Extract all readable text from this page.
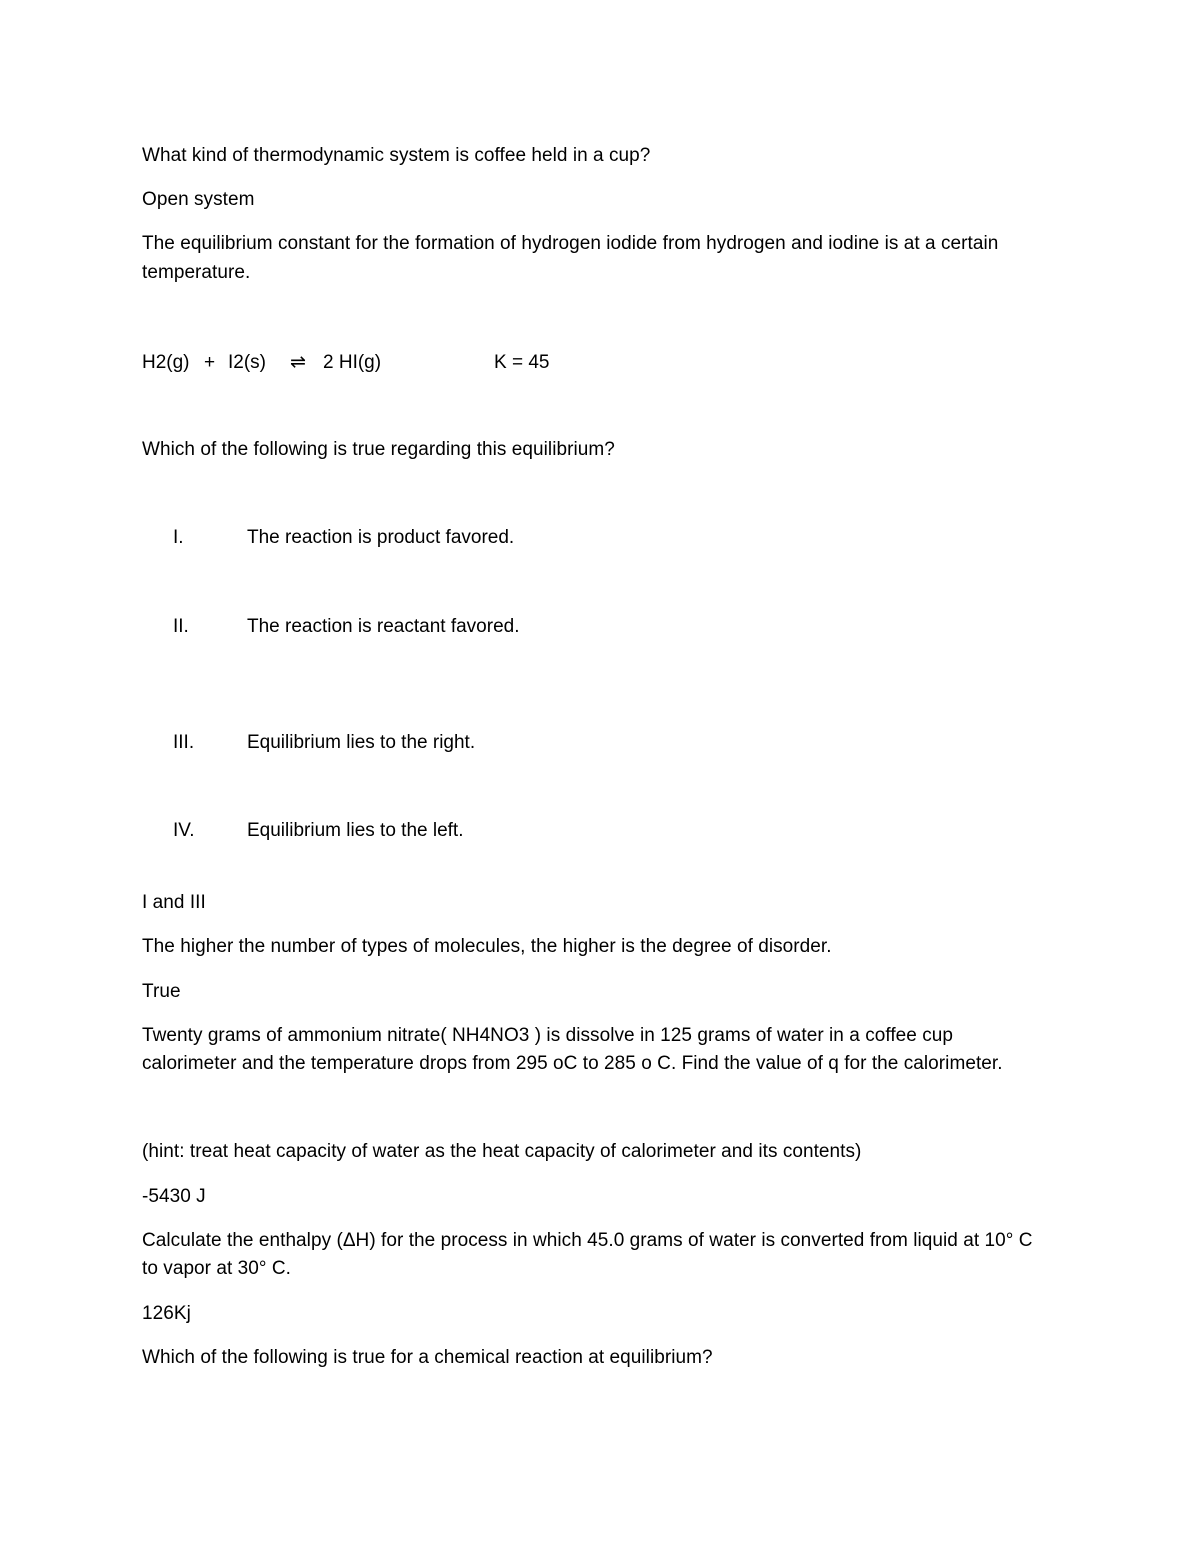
What kind of thermodynamic system is coffee held in a cup?
Open system
The equilibrium constant for the formation of hydrogen iodide from hydrogen and iodine is at a certain temperature.
H2(g) + I2(s) ⇌ 2 HI(g)	K = 45
Which of the following is true regarding this equilibrium?
I.	The reaction is product favored.
II.	The reaction is reactant favored.
III.	Equilibrium lies to the right.
IV.	Equilibrium lies to the left.
I and III
The higher the number of types of molecules, the higher is the degree of disorder.
True
Twenty grams of ammonium nitrate( NH4NO3 ) is dissolve in 125 grams of water in a coffee cup
calorimeter and the temperature drops from 295 oC to 285 o C. Find the value of q for the calorimeter.
(hint: treat heat capacity of water as the heat capacity of calorimeter and its contents)
-5430 J
Calculate the enthalpy (ΔH) for the process in which 45.0 grams of water is converted from liquid at 10° C
to vapor at 30° C.
126Kj
Which of the following is true for a chemical reaction at equilibrium?
